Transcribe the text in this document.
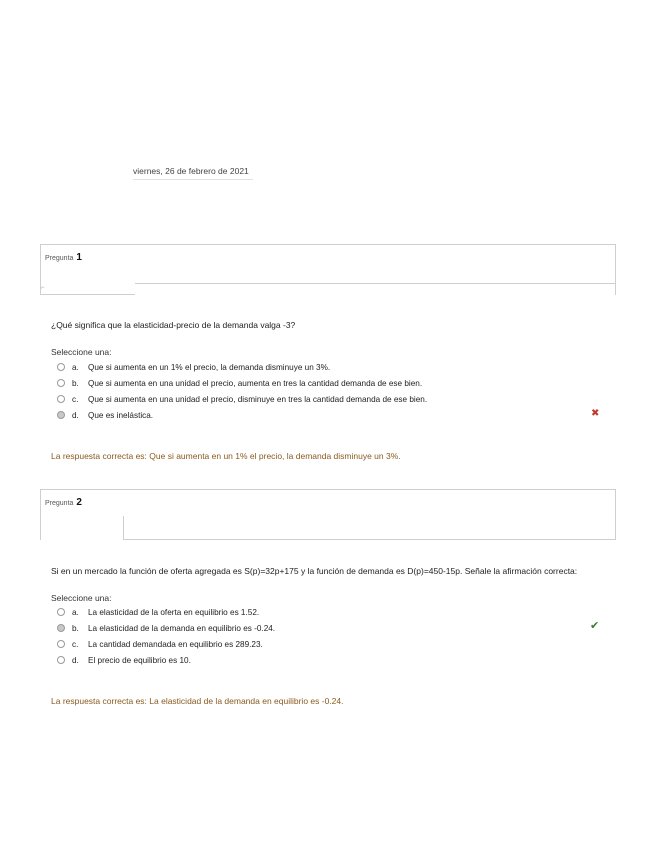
viernes, 26 de febrero de 2021
Pregunta 1
⌐
¿Qué significa que la elasticidad-precio de la demanda valga -3?
Seleccione una:
a.	Que si aumenta en un 1% el precio, la demanda disminuye un 3%.
b.	Que si aumenta en una unidad el precio, aumenta en tres la cantidad demanda de ese bien.
c.	Que si aumenta en una unidad el precio, disminuye en tres la cantidad demanda de ese bien.
d.	Que es inelástica.	✖
La respuesta correcta es: Que si aumenta en un 1% el precio, la demanda disminuye un 3%.
Pregunta 2
Si en un mercado la función de oferta agregada es S(p)=32p+175 y la función de demanda es D(p)=450-15p. Señale la afirmación correcta:
Seleccione una:
a.	La elasticidad de la oferta en equilibrio es 1.52.
b.	La elasticidad de la demanda en equilibrio es -0.24.
c.	La cantidad demandada en equilibrio es 289.23.
d.	El precio de equilibrio es 10.
✔
La respuesta correcta es: La elasticidad de la demanda en equilibrio es -0.24.
